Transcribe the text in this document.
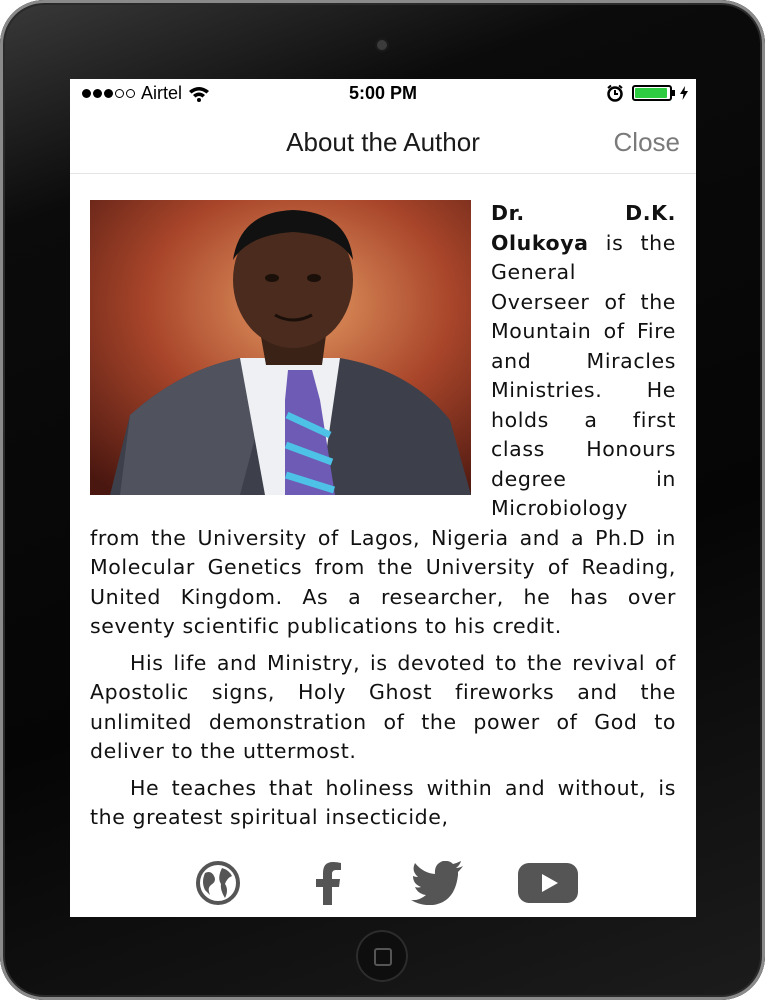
Airtel	5:00 PM
About the Author	Close

Dr. D.K. Olukoya is the General Overseer of the Mountain of Fire and Miracles Ministries. He holds a first class Honours degree in Microbiology from the University of Lagos, Nigeria and a Ph.D in Molecular Genetics from the University of Reading, United Kingdom. As a researcher, he has over seventy scientific publications to his credit.

His life and Ministry, is devoted to the revival of Apostolic signs, Holy Ghost fireworks and the unlimited demonstration of the power of God to deliver to the uttermost.

He teaches that holiness within and without, is the greatest spiritual insecticide,
